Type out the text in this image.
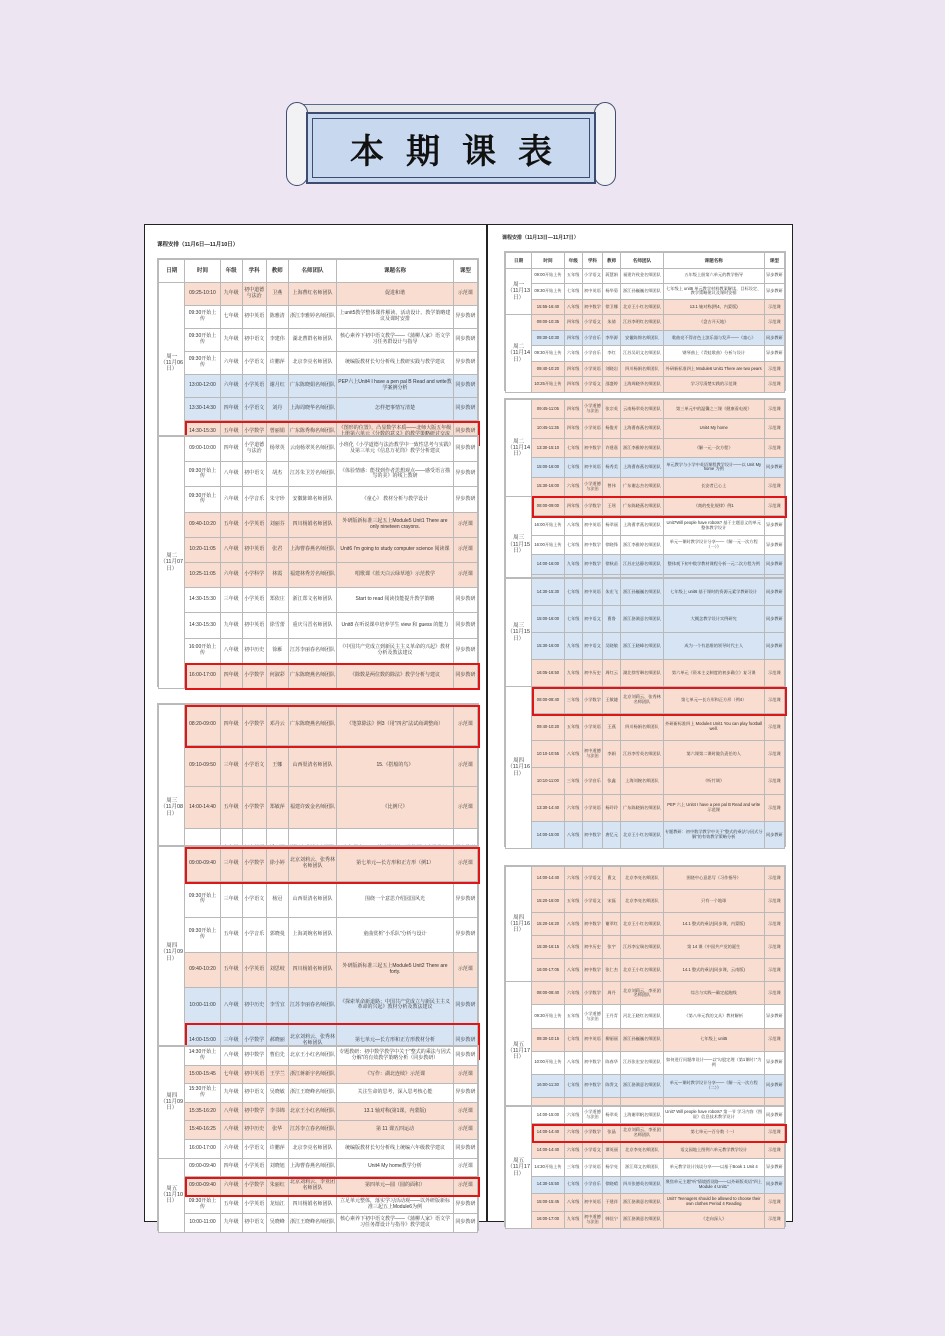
本期课表
课程安排（11月6日—11月10日）
日期	时间	年级	学科	教师	名师团队	课题名称	课型
周一
（11月06日）	09:25-10:10	九年级	初中道德与法治	卫燕	上海曹红名师团队	促进和谐	示范课
	09:30开始上传	七年级	初中英语	陈雅清	浙江李雅婷名师团队	上unit5教学整体课件解读、活动设计、教学策略建议及课时安排	异步教研
	09:30开始上传	九年级	初中语文	李建伟	湖北曹群名师团队	核心素养下初中语文教学——《蒲柳人家》语文学习任务群设计与指导	同步教研
	09:30开始上传	六年级	小学语文	许鹏萍	北京李亮名师团队	统编版教材长句分析线上教研实践与教学建议	异步教研
	13:00-12:00	六年级	小学英语	谢月红	广东陈晓娟名师团队	PEP六上Unit4 I have a pen pal B Read and write教学案例分析	同步教研
	13:30-14:30	四年级	小学语文	刘丹	上海周晓华名师团队	怎样把事情写清楚	同步教研
	14:30-15:30	五年级	小学数学	曾丽娟	广东陈秀梅名师团队	《图形的位置》，凸显数学本质——北师大版五年级上册第六单元《分数的意义》的教学策略研讨交流	同步教研
周二
（11月07日）	09:00-10:00	四年级	小学道德与法治	杨翠英	云南杨翠英名师团队	小班化《小学道德与法治教学中一致性思考与实践》及第三单元《信息万花筒》教学分析建议	同步教研
	09:30开始上传	八年级	初中语文	胡杰	江苏朱卫芳名师团队	《体验情感：能找到作者思想观点——感受语言描写的美》的线上教研	异步教研
	09:30开始上传	六年级	小学音乐	朱守珍	安徽陈锦名师团队	《童心》 教材分析与教学设计	异步教研
	09:40-10:20	五年级	小学英语	刘丽芬	四川杨娟名师团队	外研版新标准三起五上Module5 Unit1 There are only nineteen crayons.	示范课
	10:20-11:05	八年级	初中英语	张君	上海曹春燕名师团队	Unit6 I'm going to study computer science 阅读课	示范课
	10:25-11:05	六年级	小学科学	林霞	福建林秀芳名师团队	唱歌课《蓝天白云绿草地》示范教学	示范课
	14:30-15:30	三年级	小学英语	郑依庄	浙江郑文名师团队	Start to read 阅读技能提升教学策略	同步教研
	14:30-15:30	九年级	初中英语	徐雪蕾	重庆马晋名师团队	Unit8 在听说课中培养学生 view 和 guess 的能力	同步教研
	16:00开始上传	八年级	初中历史	徐雁	江苏李丽春名师团队	《中国共产党成立到新民主主义革命的兴起》教材分析及教法建议	异步教研
	16:00-17:00	四年级	小学数学	何淑彩	广东陈晓燕名师团队	《除数是两位数的除法》教学分析与建议	同步教研
周三
（11月08日）	08:20-09:00	四年级	小学数学	邓丹云	广东陈晓燕名师团队	《笔算除法》例3（用"四舍"法试商调整商）	示范课
	09:10-09:50	三年级	小学语文	王娜	山西渠清名师团队	15.《搭船的鸟》	示范课
	14:00-14:40	五年级	小学数学	郑敏萍	福建许致金名师团队	《比例尺》	示范课

周四
（11月09日）	09:00-09:40	三年级	小学数学	徐小婷	北京刘莉云、张秀林名师团队	第七单元—长方形和正方形（例1）	示范课
	09:30开始上传	三年级	小学语文	杨冠	山西渠清名师团队	围绕一个意思介绍园国风光	异步教研
	09:30开始上传	五年级	小学音乐	郭晓曼	上海刘婉名师团队	童曲赏析“小乐队”分析与设计	异步教研
	09:40-10:20	五年级	小学英语	刘思岐	四川杨娟名师团队	外研版新标准三起五上Module5 Unit2 There are forty.	示范课
	10:00-11:00	八年级	初中历史	李雪宜	江苏李丽春名师团队	《探索革命新道路：中国共产党成立与新民主主义革命的兴起》教材分析及教法建议	同步教研
	14:00-15:00	三年级	小学数学	郝晓丽	北京刘莉云、张秀林名师团队	第七单元—长方形和正方形教材分析	同步教研
周四
（11月09日）	14:30开始上传	八年级	初中数学	曹伯先	北京王小红名师团队	专题教研：初中数学教学中关于“整式的乘法与因式分解”的有效教学策略分析（同步教研）	同步教研
	15:00-15:45	七年级	初中英语	王学兰	浙江蒋新宇名师团队	《写作：湖北连续》示范课	示范课
	15:30开始上传	九年级	初中语文	吴晓敏	浙江王晓峰名师团队	关注生命的思考，深入思考核心能	异步教研
	15:35-16:20	八年级	初中数学	李书锦	北京王小红名师团队	13.1 轴对称(第1课，内蒙版)	示范课
	15:40-16:25	八年级	初中历史	张华	江苏李立春名师团队	第 11 课五四运动	示范课
	16:00-17:00	六年级	小学语文	许鹏萍	北京李亮名师团队	统编版教材长句分析线上统编六年级教学建议	同步教研
周五
（11月10日）	09:00-09:40	四年级	小学英语	刘晓旭	上海曹春燕名师团队	Unit4 My home教学分析	示范课
	09:00-09:40	六年级	小学数学	朱丽红	北京刘莉云、李亚团名师团队	第四单元—圆（圆的面积）	示范课
	09:30开始上传	五年级	小学英语	龙灿江	四川杨娟名师团队	立足单元整体，落实学习活动观——以外研版新标准三起五上Module6为例	异步教研
	10:00-11:00	九年级	初中语文	吴晓峰	浙江王晓峰名师团队	核心素养下初中语文教学——《蒲柳人家》语文学习任务群设计与指导》教学建议	同步教研
课程安排（11月13日—11月17日）
日期	时间	年级	学科	教师	名师团队	课题名称	课型
周一
（11月13日）	09:00开始上传	五年级	小学语文	蒋慧娟	福建许致金名师团队	五年级上册第六单元的教学指导	异步教研
	09:30开始上传	七年级	初中英语	杨华菊	浙江孙巍巍名师团队	七年级上 unit6 单元教学材料教案解读、目标设定、教学策略建议及课时安排	异步教研
	15:55-16:40	八年级	初中数学	徐卫娜	北京王小红名师团队	13.1 轴对称(例4，内蒙版)	示范课
周二
（11月14日）	09:00-10:35	四年级	小学语文	朱倩	江苏李明红名师团队	《盘古开天地》	示范课
	09:30-10:30	四年级	小学音乐	李华源	安徽陈锦名师团队	歌曲亮不得音色上滨乐器与发声——《童心》	同步教研
	09:30开始上传	六年级	小学音乐	李红	江苏吴玥文名师团队	钢琴曲上《青蛙歌曲》分析与设计	异步教研
	09:40-10:20	四年级	小学英语	刘晓岩	四川杨娟名师团队	外研新标准四上 Module6 Unit1 There are two pears	示范课
	10:25开始上传	四年级	小学语文	邵盛婷	上海周晓华名师团队	学习写清楚实践的示范课	示范课
周二
（11月14日）	09:45-11:05	四年级	小学道德与法治	张宗英	云南杨翠英名师团队	第三单元中的温馨之三课《健康看电视》	示范课
	10:45-11:35	四年级	小学英语	杨俊芳	上海曹春燕名师团队	Unit4 My home	示范课
	13:30-15:10	七年级	初中数学	许建嘉	浙江李雅婷名师团队	《解一元一次方程》	示范课
	15:00-16:00	七年级	初中英语	杨秀美	上海曹春燕名师团队	单元教学与小学中英语课程教学设计——以 Unit My home 为例	同步教研
	15:30-16:00	六年级	小学道德与法治	曾伟	广东谢志杰名师团队	长安者已心上	示范课
周三
（11月15日）	08:00-09:00	四年级	小学数学	王瑶	广东陈晓燕名师团队	《商的变化规律》例1	示范课
	16:00开始上传	八年级	初中英语	杨翠丽	上海曹孝燕名师团队	Unit7Will people have robots? 基于主题意义的单元整体教学设计	异步教研
	16:00开始上传	七年级	初中数学	徐晓锋	浙江李雅婷名师团队	单元—课时教学设计分享——《解一元一次方程（一）》	异步教研
	14:00-16:00	九年级	初中数学	徐秋苗	江苏庄达静名师团队	整体观下初中数学教材课程分析一元二次方程为例	同步教研

周三
（11月15日）	14:30-15:30	七年级	初中英语	朱宏飞	浙江孙巍巍名师团队	七年级上 unit6 基于课时的资源元素学教研设计	同步教研
	15:00-16:00	七年级	初中语文	曹鲁	浙江骆满意名师团队	大概念教学设计实例研究	同步教研
	15:30-16:00	九年级	初中语文	吴晓敏	浙江王晓峰名师团队	成为一个有思维的领导时代主人	同步教研
	16:05-16:50	九年级	初中历史	周红云	湖北徐雪琳名师团队	第六单元《资本主义制度的初步确立》复习课	示范课
周四
（11月16日）	08:00-08:40	三年级	小学数学	王敏婕	北京刘莉云、张秀林名师团队	第七单元—长方形和正方形（例4）	示范课
	09:40-10:20	五年级	小学英语	王燕	四川杨娟名师团队	外研新标准四上 Module4 Unit1 You can play football well.	示范课
	10:10-10:55	八年级	初中道德与法治	李娟	江苏李雪英名师团队	第六课第二课时做负责任的人	示范课
	10:10-11:00	三年级	小学音乐	张鑫	上海刘婉名师团队	《听竹调》	示范课
	13:30-14:40	六年级	小学英语	杨玲玲	广东陈晓娟名师团队	PEP 六上 Unit4 I have a pen pal B Read and write 示范课	示范课
	14:00-15:00	八年级	初中数学	唐忆元	北京王小红名师团队	专题教研：初中数学教学中关于“整式的乘法与因式分解”的有效教学策略分析	同步教研
周四
（11月16日）	14:00-14:40	六年级	小学语文	曹文	北京李亮名师团队	围绕中心意思写（习作指导）	示范课
	15:20-16:00	五年级	小学语文	宋磊	北京李亮名师团队	只有一个地球	示范课
	15:20-16:20	八年级	初中数学	谢翠红	北京王小红名师团队	14.1 整式的乘法(同步课，内蒙版)	示范课
	15:30-16:15	八年级	初中历史	张宇	江苏李宝瑞名师团队	第 14 课《中国共产党的诞生	示范课
	16:00-17:05	八年级	初中数学	张仁杰	北京王小红名师团队	14.1 整式的乘法(同步课，云南版)	示范课
周五
（11月17日）	08:00-08:40	六年级	小学数学	周丹	北京刘莉云、李亚团名师团队	综合与实践—确定起跑线	示范课
	09:30开始上传	五年级	小学道德与法治	王丹青	河北王晓红名师团队	《第八单元我的文具》教材解析	异步教研
	09:30-10:15	七年级	初中英语	柳丽丽	浙江孙巍巍名师团队	七年级上 unit5	示范课
	10:00开始上传	八年级	初中数学	陈春华	江苏张宏安名师团队	如何进行问题串设计——以“勾股定理（第1课时）”为例	异步教研
	16:00-11:30	七年级	初中数学	陈霁文	浙江骆满意名师团队	单元—课时教学设计分享——《解一元一次方程（二）》	同步教研

周五
（11月17日）	14:00-15:00	六年级	小学道德与法治	杨翠英	上海谢翠帆名师团队	Unit7 Will people have robots? 第一节 学习内容《图说》信息技术教学设计	同步教研
	14:00-14:40	六年级	小学数学	张晶	北京刘莉云、李亚团名师团队	第七单元—百分数（一）	示范课
	14:00-14:40	六年级	小学语文	谭英丽	北京李亮名师团队	语文园地上图例六单元教学教学设计	示范课
	14:30开始上传	三年级	小学英语	杨学亮	浙江郑文名师团队	单元教学设计浅谈分享——以基于Book 1 Unit 4	异步教研
	14:30-15:50	七年级	小学音乐	徐晓晴	四川张德英名师团队	聚焦单元主题“听”情境搭设路——以外研版英语“四上 Module 4 Unit1”	同步教研
	15:00-15:45	八年级	初中英语	于建祥	浙江骆满意名师团队	Unit7 Teenagers should be allowed to choose their own clothes Period 4 Reading	示范课
	16:00-17:00	九年级	初中道德与法治	韩佳宁	浙江骆满意名师团队	《走向深入》	示范课
